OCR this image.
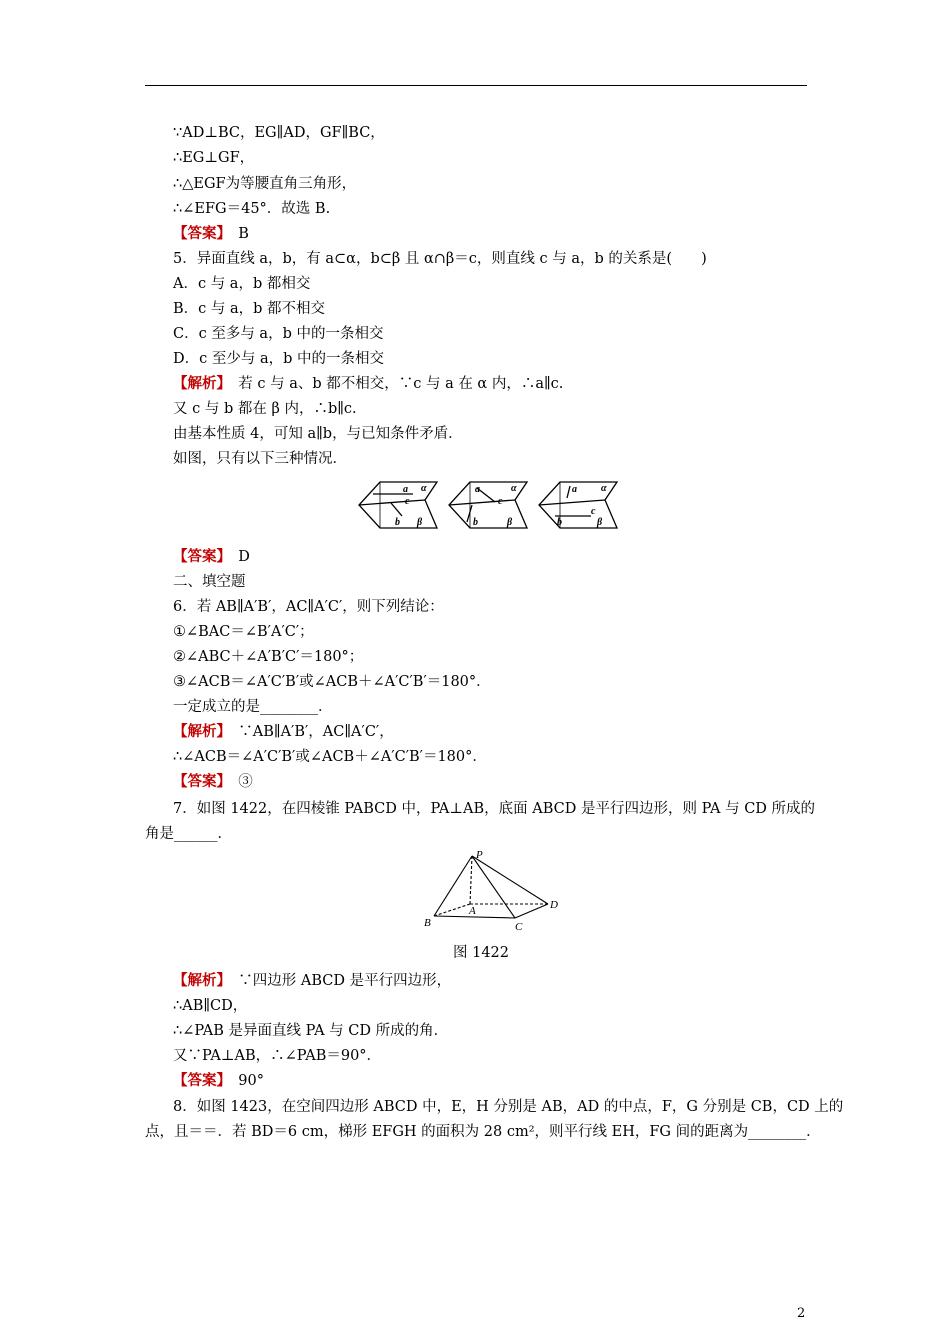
∵AD⊥BC，EG∥AD，GF∥BC，
∴EG⊥GF，
∴△EGF为等腰直角三角形，
∴∠EFG＝45°．故选 B.
【答案】　 B
5．异面直线 a，b，有 a⊂α，b⊂β 且 α∩β＝c，则直线 c 与 a，b 的关系是(　　)
A．c 与 a，b 都相交
B．c 与 a，b 都不相交
C．c 至多与 a，b 中的一条相交
D．c 至少与 a，b 中的一条相交
【解析】　 若 c 与 a、b 都不相交，∵c 与 a 在 α 内，∴a∥c.
又 c 与 b 都在 β 内，∴b∥c.
由基本性质 4，可知 a∥b，与已知条件矛盾．
如图，只有以下三种情况．
a
c
b
α
β
a
c
b
α
β
a
c
b
α
β
【答案】　 D
二、填空题
6．若 AB∥A′B′，AC∥A′C′，则下列结论：
①∠BAC＝∠B′A′C′；
②∠ABC＋∠A′B′C′＝180°；
③∠ACB＝∠A′C′B′或∠ACB＋∠A′C′B′＝180°．
一定成立的是________．
【解析】　 ∵AB∥A′B′，AC∥A′C′，
∴∠ACB＝∠A′C′B′或∠ACB＋∠A′C′B′＝180°．
【答案】　 ③
7．如图 1422，在四棱锥 PABCD 中，PA⊥AB，底面 ABCD 是平行四边形，则 PA 与 CD 所成的
角是______．
P
A
B	C
D
图 1422
【解析】　 ∵四边形 ABCD 是平行四边形，
∴AB∥CD，
∴∠PAB 是异面直线 PA 与 CD 所成的角．
又∵PA⊥AB，∴∠PAB＝90°．
【答案】　 90°
8．如图 1423，在空间四边形 ABCD 中，E，H 分别是 AB，AD 的中点，F，G 分别是 CB，CD 上的
点，且＝＝．若 BD＝6 cm，梯形 EFGH 的面积为 28 cm²，则平行线 EH，FG 间的距离为________．
2
